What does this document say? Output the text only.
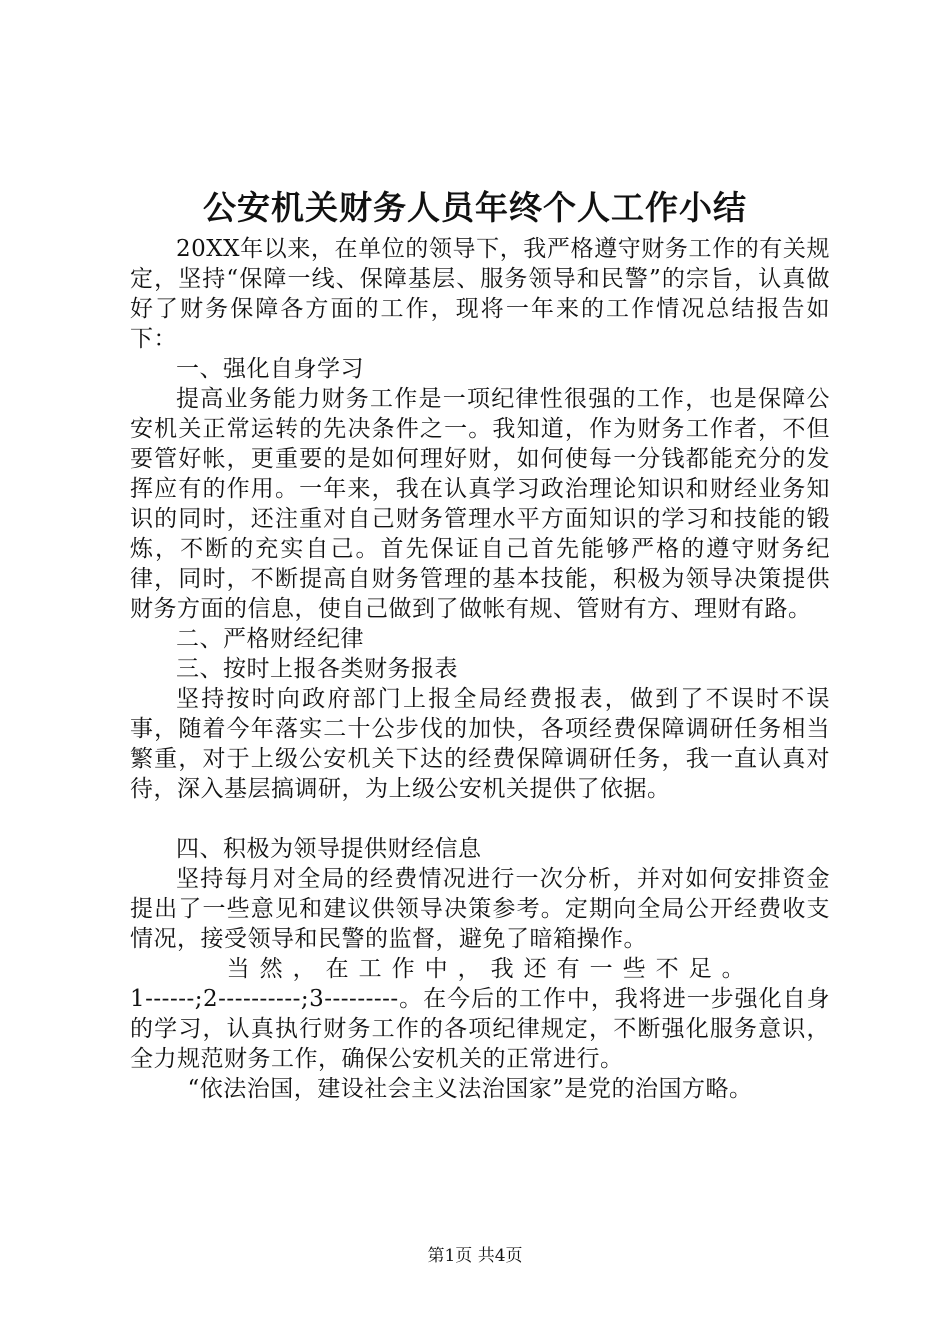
公安机关财务人员年终个人工作小结

20XX年以来，在单位的领导下，我严格遵守财务工作的有关规定，坚持“保障一线、保障基层、服务领导和民警”的宗旨，认真做好了财务保障各方面的工作，现将一年来的工作情况总结报告如下：

一、强化自身学习

提高业务能力财务工作是一项纪律性很强的工作，也是保障公安机关正常运转的先决条件之一。我知道，作为财务工作者，不但要管好帐，更重要的是如何理好财，如何使每一分钱都能充分的发挥应有的作用。一年来，我在认真学习政治理论知识和财经业务知识的同时，还注重对自己财务管理水平方面知识的学习和技能的锻炼，不断的充实自己。首先保证自己首先能够严格的遵守财务纪律，同时，不断提高自财务管理的基本技能，积极为领导决策提供财务方面的信息，使自己做到了做帐有规、管财有方、理财有路。

二、严格财经纪律

三、按时上报各类财务报表

坚持按时向政府部门上报全局经费报表，做到了不误时不误事，随着今年落实二十公步伐的加快，各项经费保障调研任务相当繁重，对于上级公安机关下达的经费保障调研任务，我一直认真对待，深入基层搞调研，为上级公安机关提供了依据。

四、积极为领导提供财经信息

坚持每月对全局的经费情况进行一次分析，并对如何安排资金提出了一些意见和建议供领导决策参考。定期向全局公开经费收支情况，接受领导和民警的监督，避免了暗箱操作。

当然，在工作中，我还有一些不足。

1------;2----------;3---------。在今后的工作中，我将进一步强化自身的学习，认真执行财务工作的各项纪律规定，不断强化服务意识，全力规范财务工作，确保公安机关的正常进行。

“依法治国，建设社会主义法治国家”是党的治国方略。

第1页 共4页
